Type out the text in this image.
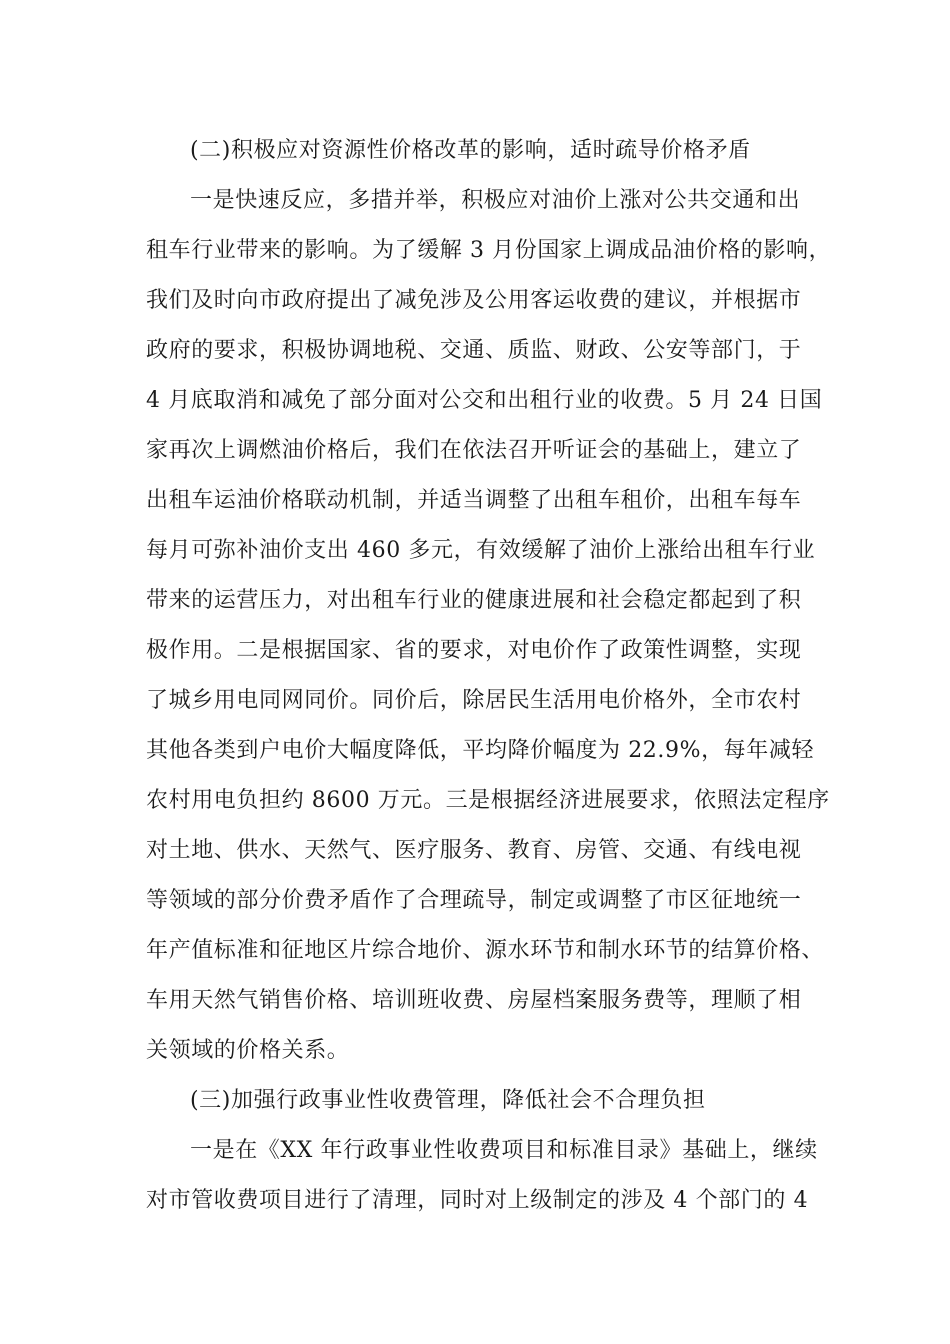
(二)积极应对资源性价格改革的影响，适时疏导价格矛盾
一是快速反应，多措并举，积极应对油价上涨对公共交通和出
租车行业带来的影响。为了缓解 3 月份国家上调成品油价格的影响，
我们及时向市政府提出了减免涉及公用客运收费的建议，并根据市
政府的要求，积极协调地税、交通、质监、财政、公安等部门，于
4 月底取消和减免了部分面对公交和出租行业的收费。5 月 24 日国
家再次上调燃油价格后，我们在依法召开听证会的基础上，建立了
出租车运油价格联动机制，并适当调整了出租车租价，出租车每车
每月可弥补油价支出 460 多元，有效缓解了油价上涨给出租车行业
带来的运营压力，对出租车行业的健康进展和社会稳定都起到了积
极作用。二是根据国家、省的要求，对电价作了政策性调整，实现
了城乡用电同网同价。同价后，除居民生活用电价格外，全市农村
其他各类到户电价大幅度降低，平均降价幅度为 22.9%，每年减轻
农村用电负担约 8600 万元。三是根据经济进展要求，依照法定程序
对土地、供水、天然气、医疗服务、教育、房管、交通、有线电视
等领域的部分价费矛盾作了合理疏导，制定或调整了市区征地统一
年产值标准和征地区片综合地价、源水环节和制水环节的结算价格、
车用天然气销售价格、培训班收费、房屋档案服务费等，理顺了相
关领域的价格关系。
(三)加强行政事业性收费管理，降低社会不合理负担
一是在《XX 年行政事业性收费项目和标准目录》基础上，继续
对市管收费项目进行了清理，同时对上级制定的涉及 4 个部门的 4
